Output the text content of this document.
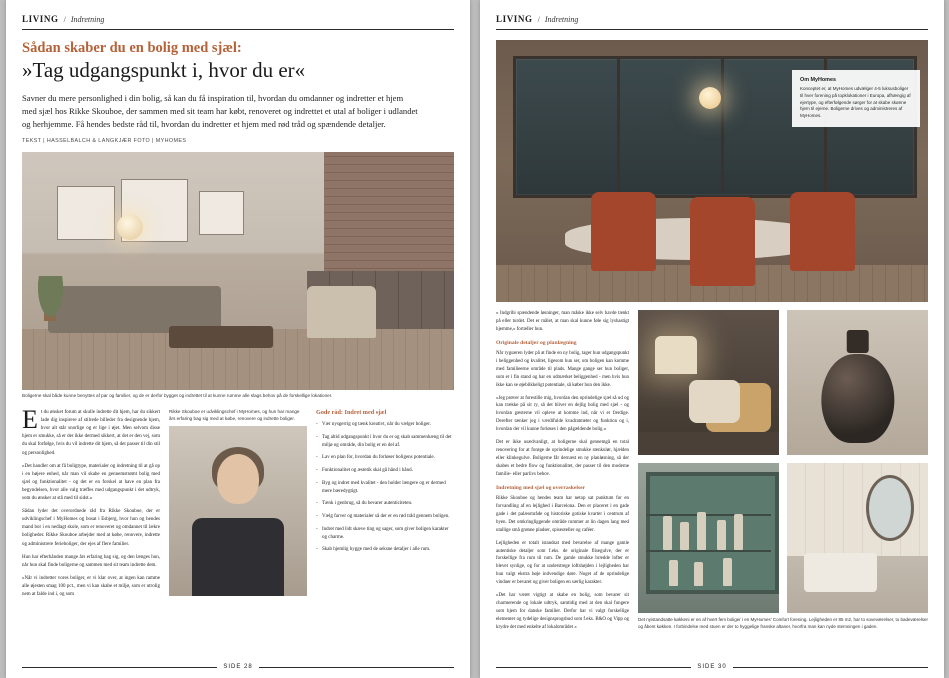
LIVING / Indretning
Sådan skaber du en bolig med sjæl:
»Tag udgangspunkt i, hvor du er«
Savner du mere personlighed i din bolig, så kan du få inspiration til, hvordan du omdanner og indretter et hjem med sjæl hos Rikke Skouboe, der sammen med sit team har købt, renoveret og indrettet et utal af boliger i udlandet og herhjemme. Få hendes bedste råd til, hvordan du indretter et hjem med rød tråd og spændende detaljer.
TEKST | HASSELBALCH & LANGKJÆR FOTO | MYHOMES
Boligerne skal både kunne benyttes af par og familier, og de er derfor bygget og indrettet til at kunne rumme alle slags behov på de forskellige lokationer.

Et du ønsket forum at skulle indrette dit hjem, har du sikkert lade dig inspirere af stilrede billeder fra designende hjem, hvor alt står snorlige og er lige i øjet. Men selvom disse hjem er smukke, så er der ikke dermed sikkert, at det er den vej, som du skal forfølge, hvis du vil indrette dit hjem, så det passer til din stil og personlighed.

»Det handler om at få boligtype, materialer og indretning til at gå op i en højere enhed, når man vil skabe en gennemstrømt bolig med sjæl og funktionalitet - og det er en forskel at have en plan fra begyndelsen, hvor alle valg træffes med udgangspunkt i det udtryk, som du ønsker at stå med til sidst.«

Sådan lyder det overordnede råd fra Rikke Skouboe, der er udviklingschef i MyHomes og bosat i Esbjerg, hvor hun og hendes mand bor i en nedlagt skole, som er renoveret og omdannet til lækre boligheder. Rikke Skouboe arbejder med at købe, renovere, indrette og administrere ferieboliger, der ejes af flere familier.

Hun har efterhånden mange års erfaring bag sig, og den længes hun, når hun skal finde boligerne og sammen med sit team indrette dem.

»Når vi indretter vores boliger, er vi klar over, at ingen kan ramme alle øjesten smag 100 pct., men vi kan skabe et miljø, som er utrolig nem at falde ind i, og som

Rikke Skouboe er udviklingschef i MyHomes, og hun har mange års erfaring bag sig med at købe, renovere og indrette boliger.
Gode råd: Indret med sjæl
- Vær nysgerrig og tænk kreativt, når du vælger boliger.
- Tag altid udgangspunkt i hvor du er og skab sammenhæng til det miljø og område, din bolig er en del af.
- Lav en plan for, hvordan du forløser boligens potentiale.
- Funktionalitet og æstetik skal gå hånd i hånd.
- Byg og indret med kvalitet - den holder længere og er dermed mere bæredygtigt.
- Tænk i genbrug, så du bevarer autenticiteten.
- Vælg farver og materialer så der er en rød tråd gennem boligen.
- Indret med lidt skæve ting og sager, som giver boligen karakter og charme.
- Skab hjemlig hygge med de seksne detaljer i alle rum.
SIDE 28
LIVING / Indretning
Om MyHomes

Konceptet er, at MyHomes udvælger 4-5 luksusboliger til hver forening på topklokationer i Europa, afhængig af ejertype, og efterfølgende sørger for at skabe skønne hjem til ejerne. Boligerne drives og administreres af MyHomes.

» Indgribi spændende løsninger, man måske ikke selv havde tænkt på eller turdet. Det er målet, at man skal kunne føle sig lyshastigt hjemme,« fortæller hun.

Originale detaljer og planlægning

Når rygsæren lyder på at finde en ny bolig, tager hun udgangspunkt i beliggenhed og kvalitet, ligesom hun ser, om boligen kan komme med familieerne område til plads. Mange gange ser hun boliger, som er i fin stand og har en udmærket beliggenhed - men hvis hun ikke kan se øjeblikkeligt potentiale, så køber hun den ikke.

»Jeg prøver at forestille mig, hvordan den oprindelige sjæl så ud og kan trække på sit ry, så det bliver en dejlig bolig med sjæl - og hvordan gæsterne vil opleve at komme ind, når vi er færdige. Derefter tænker jeg i værdifulde kvadratmeter og funktion og i, hvordan der vil kunne forløses i den pågældende bolig.«

Det er ikke usædvanligt, at boligerne skal gennemgå en total renovering for at forøge de oprindelige smukke stenkulør, hjælden eller klinkegulve. Boligerne får dernæst en ny planløsning, så der skabes et bedre flow og funktionalitet, der passer til den moderne familie- eller parlivs behov.

Indretning med sjæl og overraskelser

Rikke Skouboe og hendes team har netop sat punktum for en forvandling af en lejlighed i Barcelona. Den er placeret i en gade gade i det palæområde og historiske gotiske kvarter i centrum af byen. Det omkringliggende område rummer at lin dagen lang med utallige små grønne pladser, spiseoteller og caféer.

Lejligheden er totalt istandsat med bevarelse af mange gamle autentiske detaljer som f.eks. de originale flisegulve, der er forskellige fra rum til rum. De gamle smukke brædde lofter er blevet synlige, og for at understrege loftshøjden i lejligheden har hun valgt ekstra høje indvendige døre. Noget af de oprindelige vinduer er bevaret og giver boligen en særlig karakter.

»Det har været vigtigt at skabe en bolig, som bevarer sit charmerende og lokale udtryk, samtidig med at den skal fungere som hjem for danske familier. Derfor har vi valgt forskellige elementer og tydelige designsprogsbud som f.eks. B&O og Vipp og krydre det med enkelte af lokalområdet «

Det nyistandsatte køkkeni er en af hvert fem boliger i en MyHomes' Comfort forening. Lejligheden er 85 m2, har to soveværelser, to badeværelser og åbent køkken. I forbindelse med stuen er der to hyggelige franske altaner, hvorfra man kan nyde stemningen i gaden.
SIDE 30
